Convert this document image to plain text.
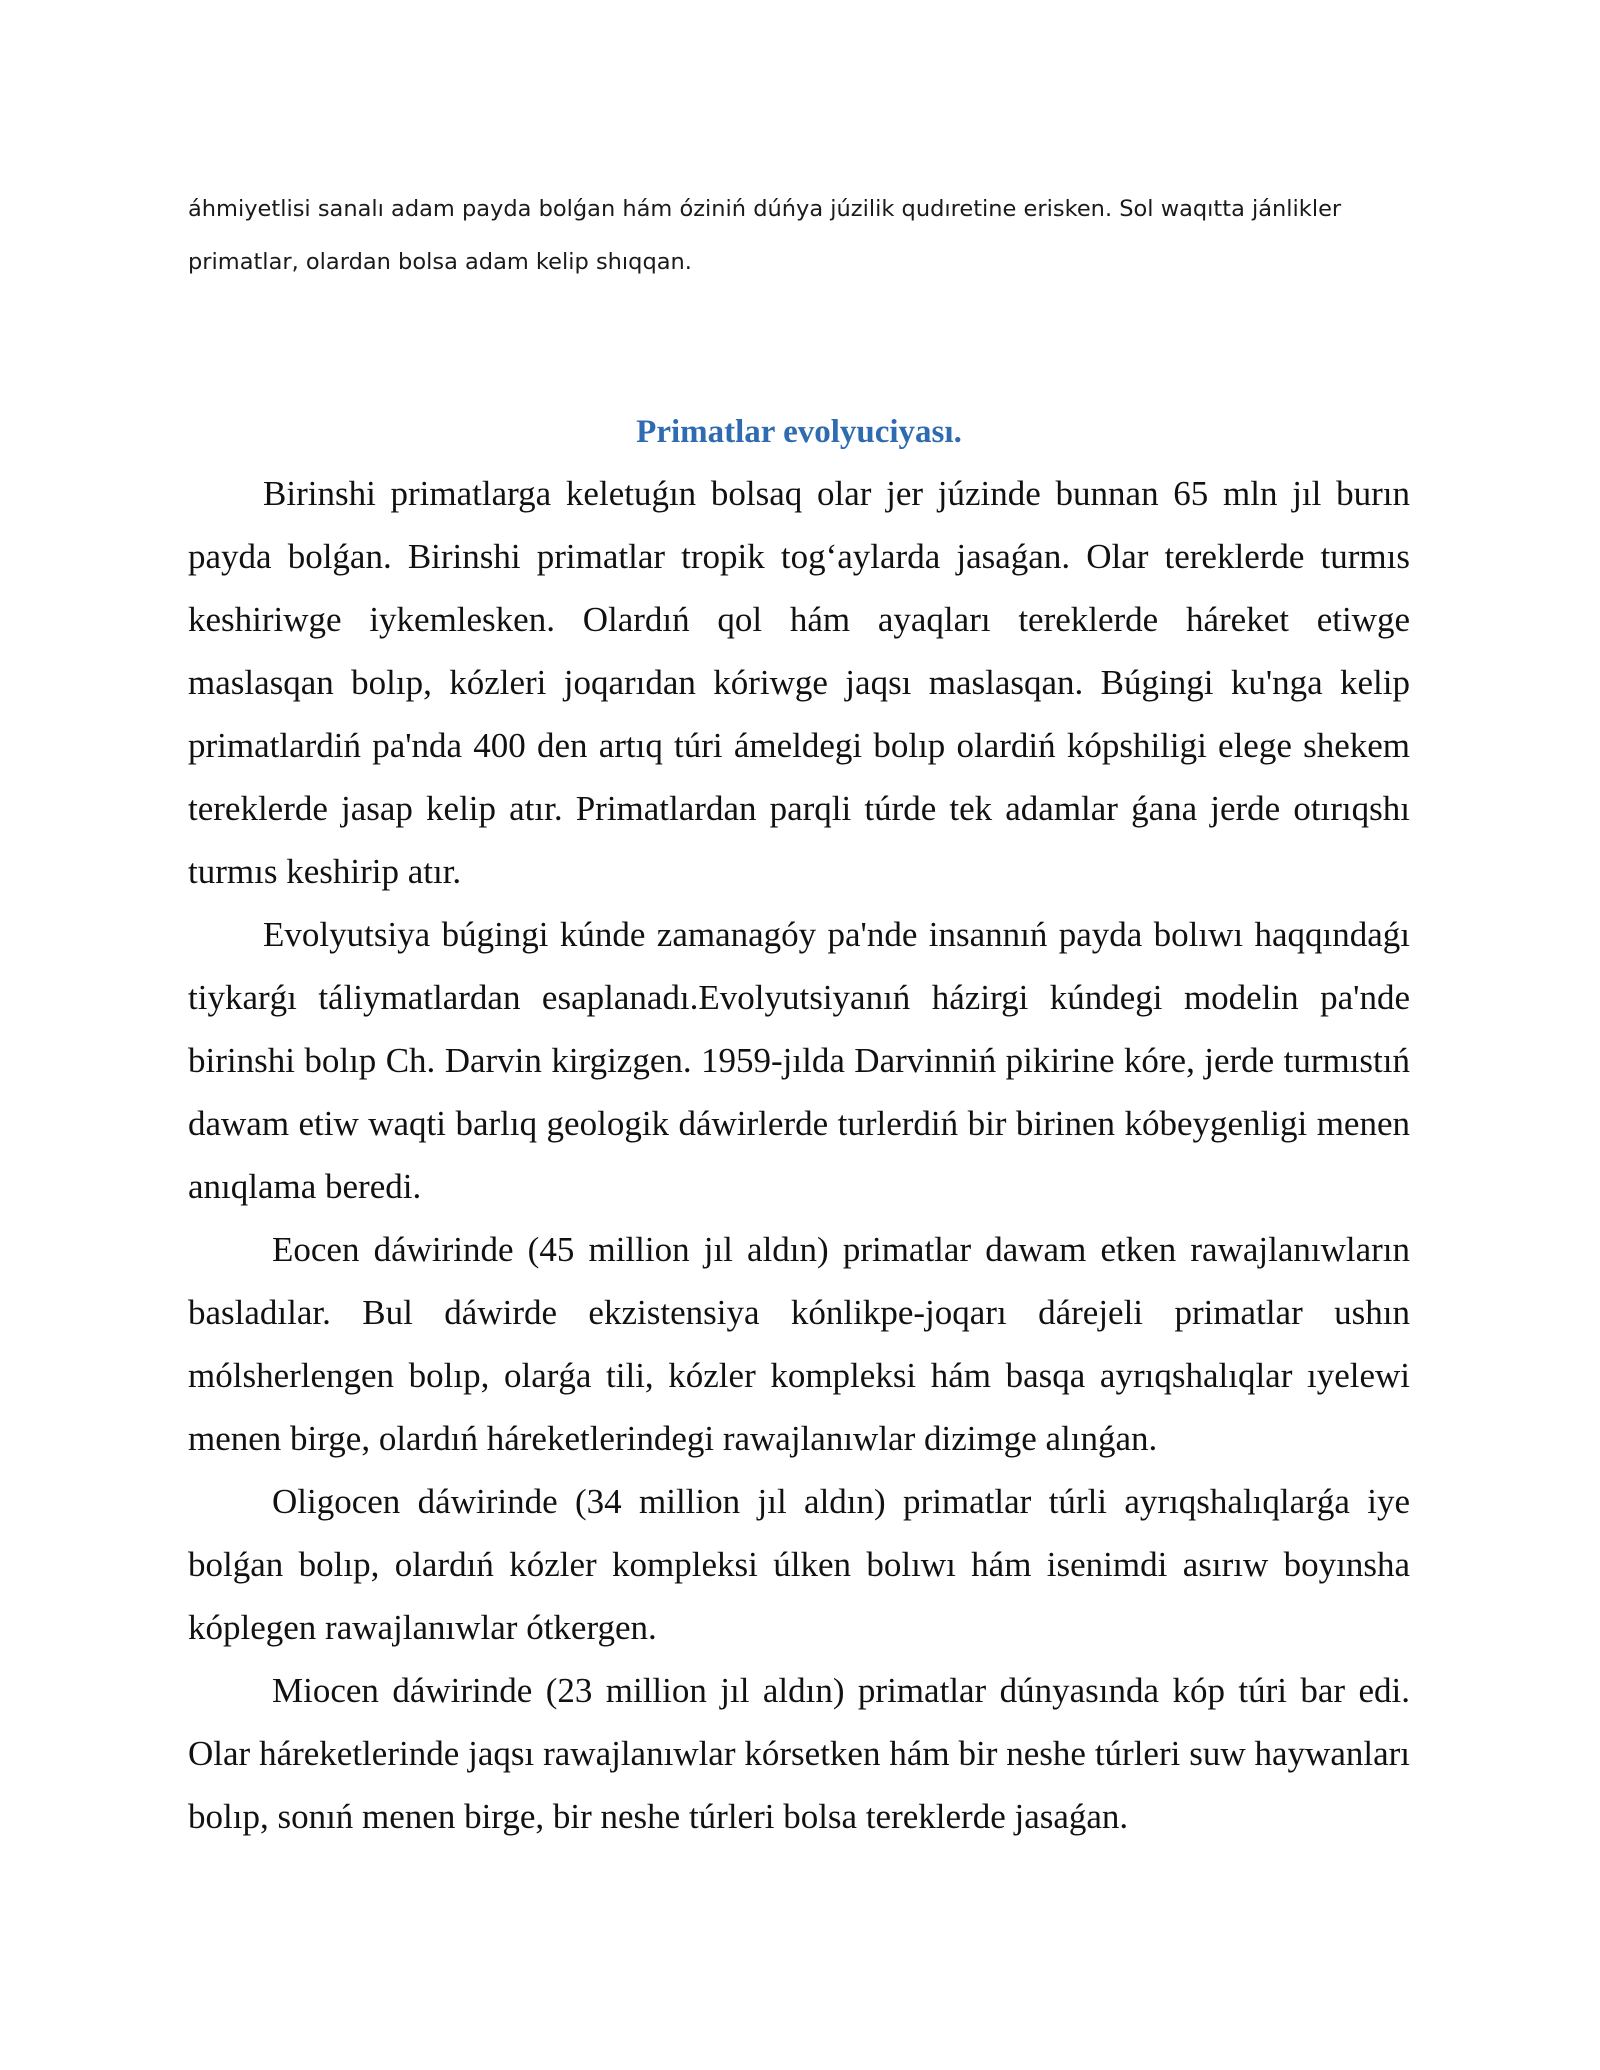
áhmiyetlisi sanalı adam payda bolǵan hám óziniń dúńya júzilik qudıretine erisken. Sol waqıtta jánlikler primatlar, olardan bolsa adam kelip shıqqan.

Primatlar evolyuciyası.

Birinshi primatlarga keletuǵın bolsaq olar jer júzinde bunnan 65 mln jıl burın payda bolǵan. Birinshi primatlar tropik tog‘aylarda jasaǵan. Olar tereklerde turmıs keshiriwge iykemlesken. Olardıń qol hám ayaqları tereklerde háreket etiwge maslasqan bolıp, kózleri joqarıdan kóriwge jaqsı maslasqan. Búgingi ku'nga kelip primatlardiń pa'nda 400 den artıq túri ámeldegi bolıp olardiń kópshiligi elege shekem tereklerde jasap kelip atır. Primatlardan parqli túrde tek adamlar ǵana jerde otırıqshı turmıs keshirip atır.

Evolyutsiya búgingi kúnde zamanagóy pa'nde insannıń payda bolıwı haqqındaǵı tiykarǵı táliymatlardan esaplanadı.Evolyutsiyanıń házirgi kúndegi modelin pa'nde birinshi bolıp Ch. Darvin kirgizgen. 1959-jılda Darvinniń pikirine kóre, jerde turmıstıń dawam etiw waqti barlıq geologik dáwirlerde turlerdiń bir birinen kóbeygenligi menen anıqlama beredi.

Eocen dáwirinde (45 million jıl aldın) primatlar dawam etken rawajlanıwların basladılar. Bul dáwirde ekzistensiya kónlikpe-joqarı dárejeli primatlar ushın mólsherlengen bolıp, olarǵa tili, kózler kompleksi hám basqa ayrıqshalıqlar ıyelewi menen birge, olardıń háreketlerindegi rawajlanıwlar dizimge alınǵan.

Oligocen dáwirinde (34 million jıl aldın) primatlar túrli ayrıqshalıqlarǵa iye bolǵan bolıp, olardıń kózler kompleksi úlken bolıwı hám isenimdi asırıw boyınsha kóplegen rawajlanıwlar ótkergen.

Miocen dáwirinde (23 million jıl aldın) primatlar dúnyasında kóp túri bar edi. Olar háreketlerinde jaqsı rawajlanıwlar kórsetken hám bir neshe túrleri suw haywanları bolıp, sonıń menen birge, bir neshe túrleri bolsa tereklerde jasaǵan.
